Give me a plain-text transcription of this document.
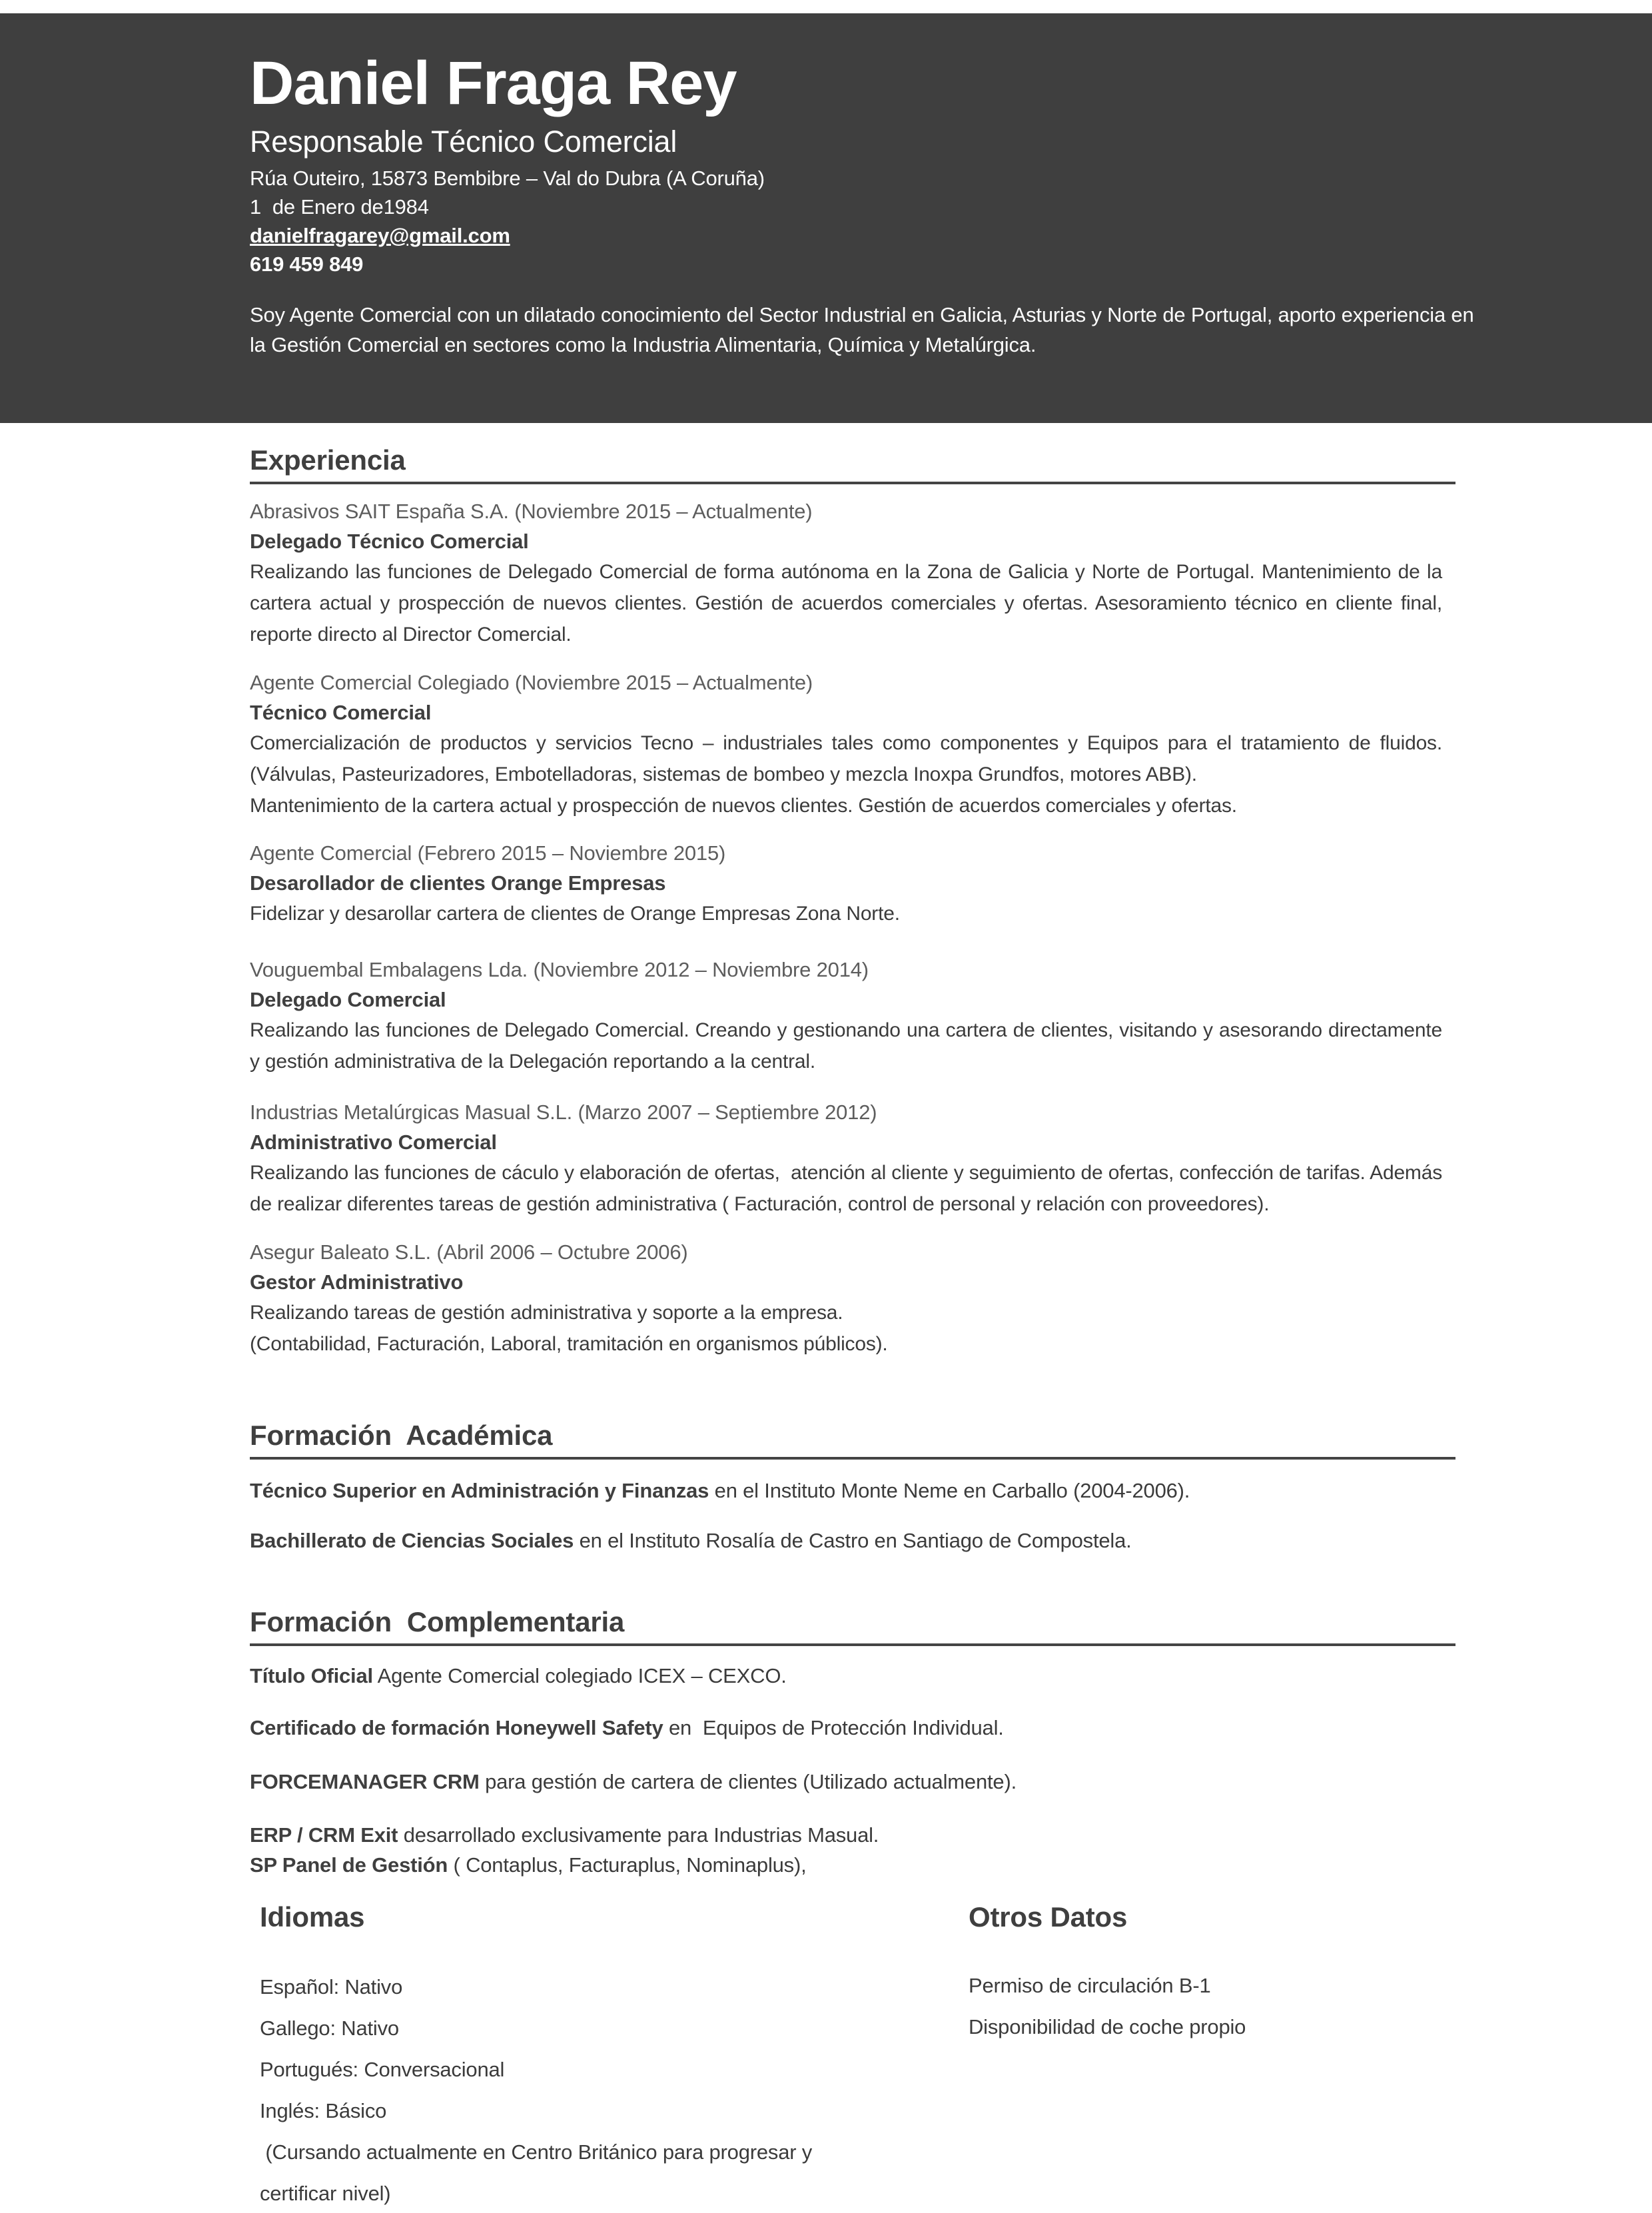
Daniel Fraga Rey
Responsable Técnico Comercial
Rúa Outeiro, 15873 Bembibre – Val do Dubra (A Coruña)
1  de Enero de1984
danielfragarey@gmail.com
619 459 849

Soy Agente Comercial con un dilatado conocimiento del Sector Industrial en Galicia, Asturias y Norte de Portugal, aporto experiencia en la Gestión Comercial en sectores como la Industria Alimentaria, Química y Metalúrgica.

Experiencia
Abrasivos SAIT España S.A. (Noviembre 2015 – Actualmente)
Delegado Técnico Comercial

Realizando las funciones de Delegado Comercial de forma autónoma en la Zona de Galicia y Norte de Portugal. Mantenimiento de la cartera actual y prospección de nuevos clientes. Gestión de acuerdos comerciales y ofertas. Asesoramiento técnico en cliente final, reporte directo al Director Comercial.

Agente Comercial Colegiado (Noviembre 2015 – Actualmente)
Técnico Comercial

Comercialización de productos y servicios Tecno – industriales tales como componentes y Equipos para el tratamiento de fluidos. (Válvulas, Pasteurizadores, Embotelladoras, sistemas de bombeo y mezcla Inoxpa Grundfos, motores ABB).

Mantenimiento de la cartera actual y prospección de nuevos clientes. Gestión de acuerdos comerciales y ofertas.

Agente Comercial (Febrero 2015 – Noviembre 2015)
Desarollador de clientes Orange Empresas

Fidelizar y desarollar cartera de clientes de Orange Empresas Zona Norte.

Vouguembal Embalagens Lda. (Noviembre 2012 – Noviembre 2014)
Delegado Comercial

Realizando las funciones de Delegado Comercial. Creando y gestionando una cartera de clientes, visitando y asesorando directamente y gestión administrativa de la Delegación reportando a la central.

Industrias Metalúrgicas Masual S.L. (Marzo 2007 – Septiembre 2012)
Administrativo Comercial

Realizando las funciones de cáculo y elaboración de ofertas,  atención al cliente y seguimiento de ofertas, confección de tarifas. Además de realizar diferentes tareas de gestión administrativa ( Facturación, control de personal y relación con proveedores).

Asegur Baleato S.L. (Abril 2006 – Octubre 2006)
Gestor Administrativo

Realizando tareas de gestión administrativa y soporte a la empresa.

(Contabilidad, Facturación, Laboral, tramitación en organismos públicos).

Formación  Académica

Técnico Superior en Administración y Finanzas en el Instituto Monte Neme en Carballo (2004-2006).

Bachillerato de Ciencias Sociales en el Instituto Rosalía de Castro en Santiago de Compostela.

Formación  Complementaria

Título Oficial Agente Comercial colegiado ICEX – CEXCO.

Certificado de formación Honeywell Safety en  Equipos de Protección Individual.

FORCEMANAGER CRM para gestión de cartera de clientes (Utilizado actualmente).

ERP / CRM Exit desarrollado exclusivamente para Industrias Masual.

SP Panel de Gestión ( Contaplus, Facturaplus, Nominaplus),

Idiomas
Español: Nativo
Gallego: Nativo
Portugués: Conversacional
Inglés: Básico
(Cursando actualmente en Centro Británico para progresar y
certificar nivel)
Otros Datos
Permiso de circulación B-1
Disponibilidad de coche propio
